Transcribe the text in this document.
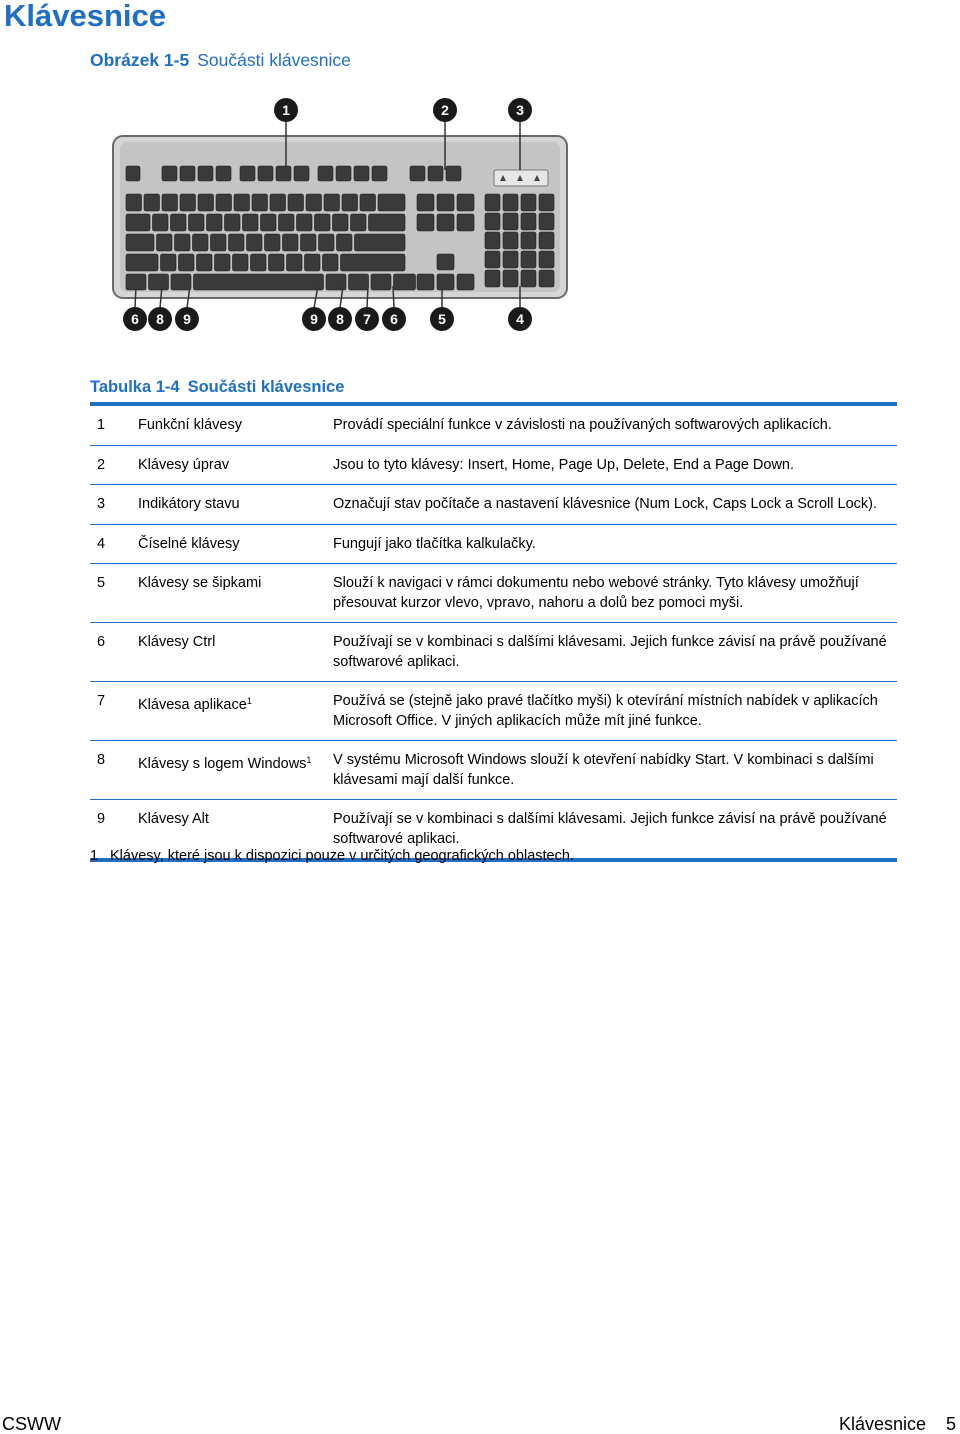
Klávesnice
Obrázek 1-5 Součásti klávesnice
1	2	3
6 8 9	9 8 7 6	5	4
Tabulka 1-4 Součásti klávesnice
1	Funkční klávesy	Provádí speciální funkce v závislosti na používaných softwarových aplikacích.
2	Klávesy úprav	Jsou to tyto klávesy: Insert, Home, Page Up, Delete, End a Page Down.
3	Indikátory stavu	Označují stav počítače a nastavení klávesnice (Num Lock, Caps Lock a Scroll Lock).
4	Číselné klávesy	Fungují jako tlačítka kalkulačky.
5	Klávesy se šipkami	Slouží k navigaci v rámci dokumentu nebo webové stránky. Tyto klávesy umožňují přesouvat kurzor vlevo, vpravo, nahoru a dolů bez pomoci myši.
6	Klávesy Ctrl	Používají se v kombinaci s dalšími klávesami. Jejich funkce závisí na právě používané softwarové aplikaci.
7	Klávesa aplikace$^1$	Používá se (stejně jako pravé tlačítko myši) k otevírání místních nabídek v aplikacích Microsoft Office. V jiných aplikacích může mít jiné funkce.
8	Klávesy s logem Windows$^1$	V systému Microsoft Windows slouží k otevření nabídky Start. V kombinaci s dalšími klávesami mají další funkce.
9	Klávesy Alt	Používají se v kombinaci s dalšími klávesami. Jejich funkce závisí na právě používané softwarové aplikaci.
1 Klávesy, které jsou k dispozici pouze v určitých geografických oblastech.
CSWW	Klávesnice 5
